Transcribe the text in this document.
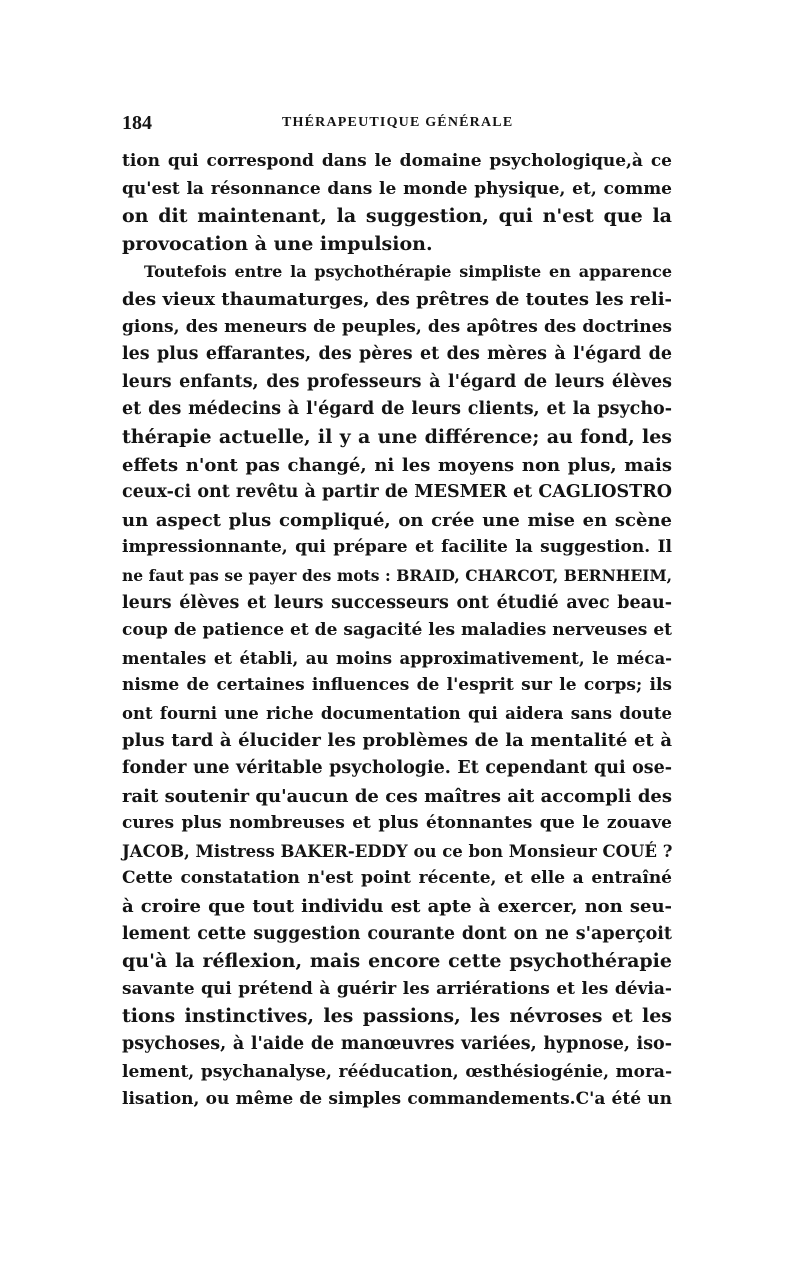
184	THÉRAPEUTIQUE GÉNÉRALE
tion qui correspond dans le domaine psychologique,à ce
qu'est la résonnance dans le monde physique, et, comme
on dit maintenant, la suggestion, qui n'est que la
provocation à une impulsion.
Toutefois entre la psychothérapie simpliste en apparence
des vieux thaumaturges, des prêtres de toutes les reli-
gions, des meneurs de peuples, des apôtres des doctrines
les plus effarantes, des pères et des mères à l'égard de
leurs enfants, des professeurs à l'égard de leurs élèves
et des médecins à l'égard de leurs clients, et la psycho-
thérapie actuelle, il y a une différence; au fond, les
effets n'ont pas changé, ni les moyens non plus, mais
ceux-ci ont revêtu à partir de MESMER et CAGLIOSTRO
un aspect plus compliqué, on crée une mise en scène
impressionnante, qui prépare et facilite la suggestion. Il
ne faut pas se payer des mots : BRAID, CHARCOT, BERNHEIM,
leurs élèves et leurs successeurs ont étudié avec beau-
coup de patience et de sagacité les maladies nerveuses et
mentales et établi, au moins approximativement, le méca-
nisme de certaines influences de l'esprit sur le corps; ils
ont fourni une riche documentation qui aidera sans doute
plus tard à élucider les problèmes de la mentalité et à
fonder une véritable psychologie. Et cependant qui ose-
rait soutenir qu'aucun de ces maîtres ait accompli des
cures plus nombreuses et plus étonnantes que le zouave
JACOB, Mistress BAKER-EDDY ou ce bon Monsieur COUÉ ?
Cette constatation n'est point récente, et elle a entraîné
à croire que tout individu est apte à exercer, non seu-
lement cette suggestion courante dont on ne s'aperçoit
qu'à la réflexion, mais encore cette psychothérapie
savante qui prétend à guérir les arriérations et les dévia-
tions instinctives, les passions, les névroses et les
psychoses, à l'aide de manœuvres variées, hypnose, iso-
lement, psychanalyse, rééducation, œsthésiogénie, mora-
lisation, ou même de simples commandements.C'a été un
